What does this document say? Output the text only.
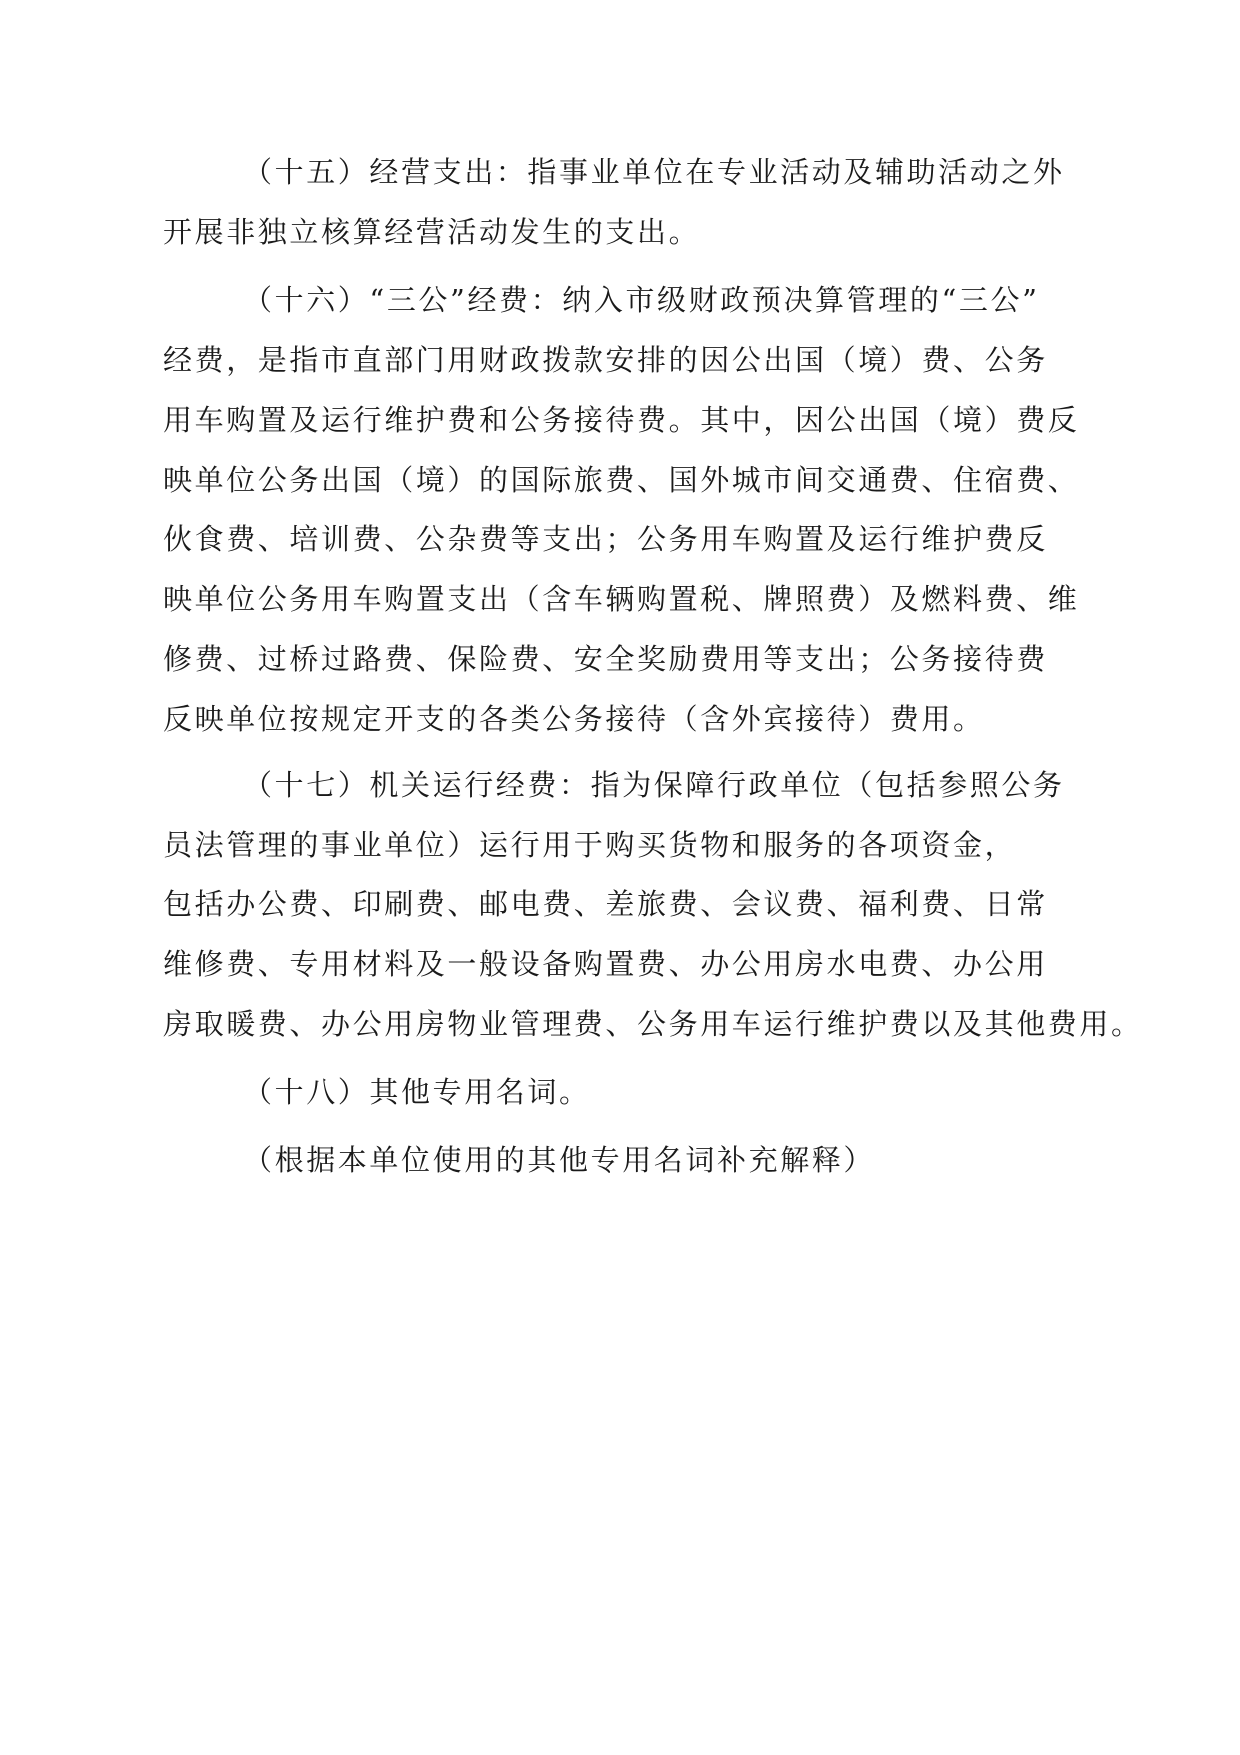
（十五）经营支出：指事业单位在专业活动及辅助活动之外

开展非独立核算经营活动发生的支出。

（十六）“三公”经费：纳入市级财政预决算管理的“三公”

经费，是指市直部门用财政拨款安排的因公出国（境）费、公务

用车购置及运行维护费和公务接待费。其中，因公出国（境）费反

映单位公务出国（境）的国际旅费、国外城市间交通费、住宿费、

伙食费、培训费、公杂费等支出；公务用车购置及运行维护费反

映单位公务用车购置支出（含车辆购置税、牌照费）及燃料费、维

修费、过桥过路费、保险费、安全奖励费用等支出；公务接待费

反映单位按规定开支的各类公务接待（含外宾接待）费用。

（十七）机关运行经费：指为保障行政单位（包括参照公务

员法管理的事业单位）运行用于购买货物和服务的各项资金，

包括办公费、印刷费、邮电费、差旅费、会议费、福利费、日常

维修费、专用材料及一般设备购置费、办公用房水电费、办公用

房取暖费、办公用房物业管理费、公务用车运行维护费以及其他费用。

（十八）其他专用名词。

（根据本单位使用的其他专用名词补充解释）
